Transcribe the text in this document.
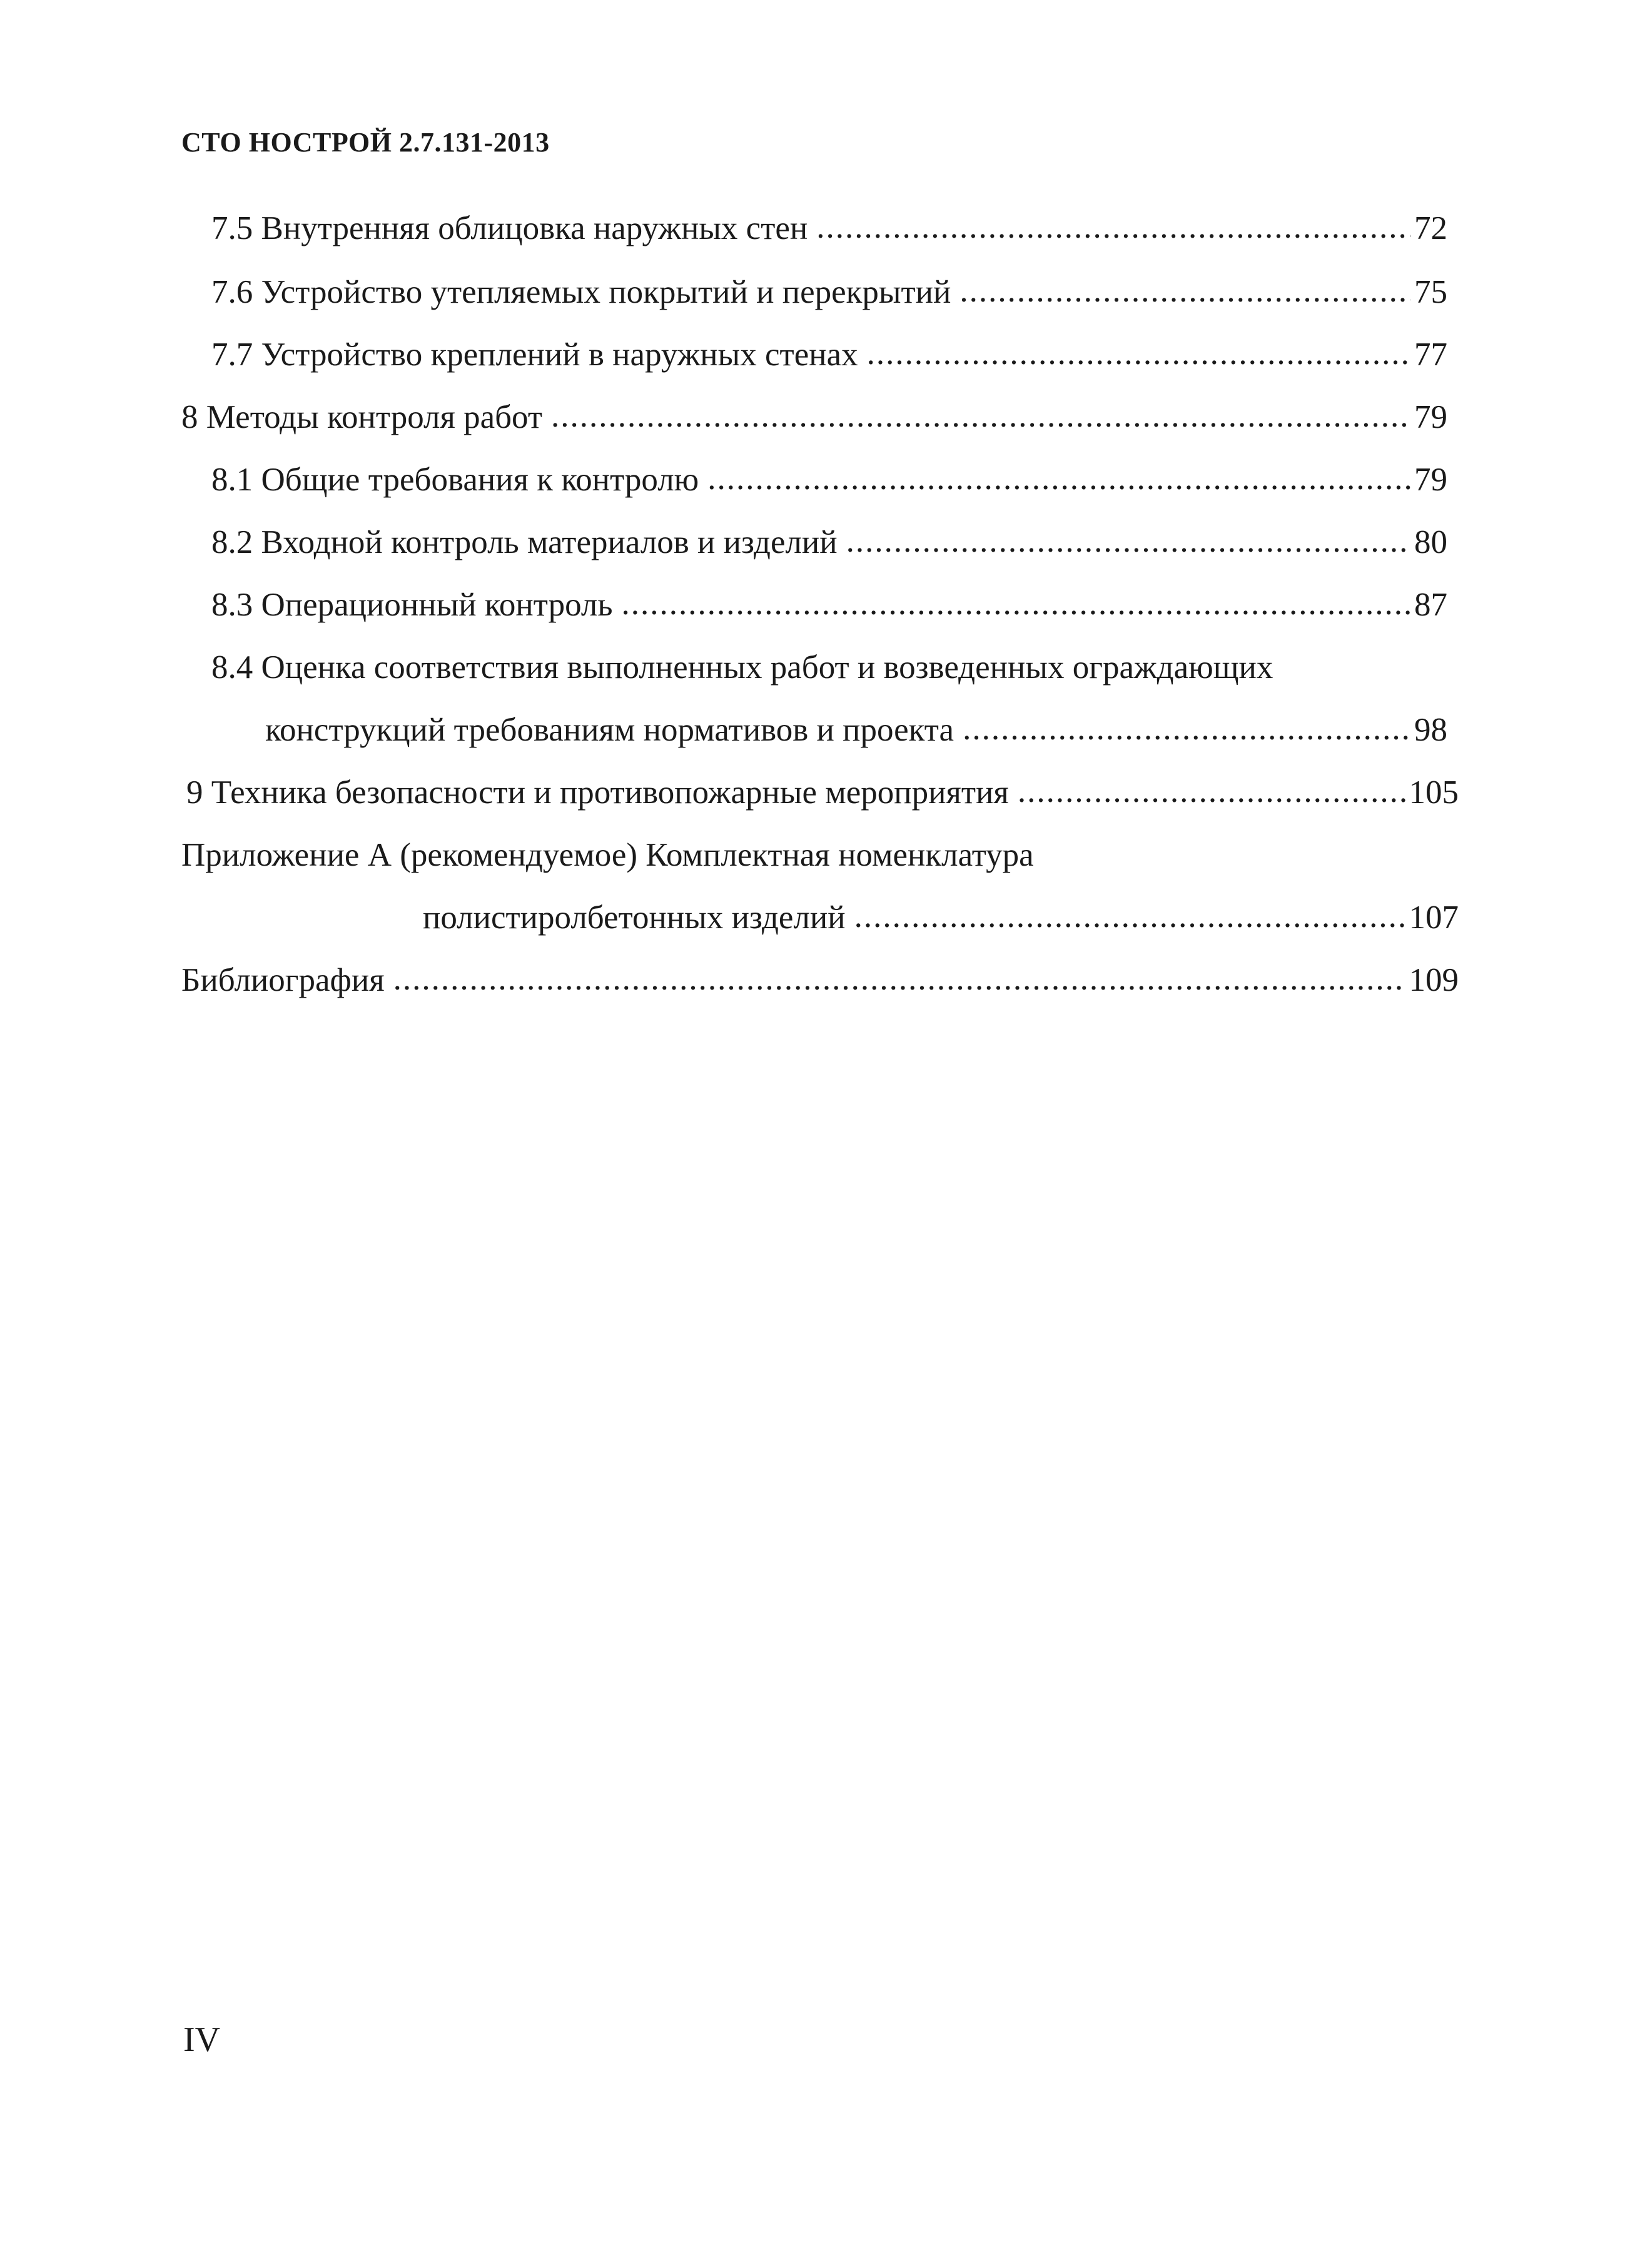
СТО НОСТРОЙ 2.7.131-2013
7.5 Внутренняя облицовка наружных стен .....	72
7.6 Устройство утепляемых покрытий и перекрытий .....	75
7.7 Устройство креплений в наружных стенах .....	77
8 Методы контроля работ .....	79
8.1 Общие требования к контролю .....	79
8.2 Входной контроль материалов и изделий .....	80
8.3 Операционный контроль .....	87
8.4 Оценка соответствия выполненных работ и возведенных ограждающих
конструкций требованиям нормативов и проекта .....	98
9 Техника безопасности и противопожарные мероприятия .....	105
Приложение А (рекомендуемое) Комплектная номенклатура
полистиролбетонных изделий .....	107
Библиография .....	109
IV
